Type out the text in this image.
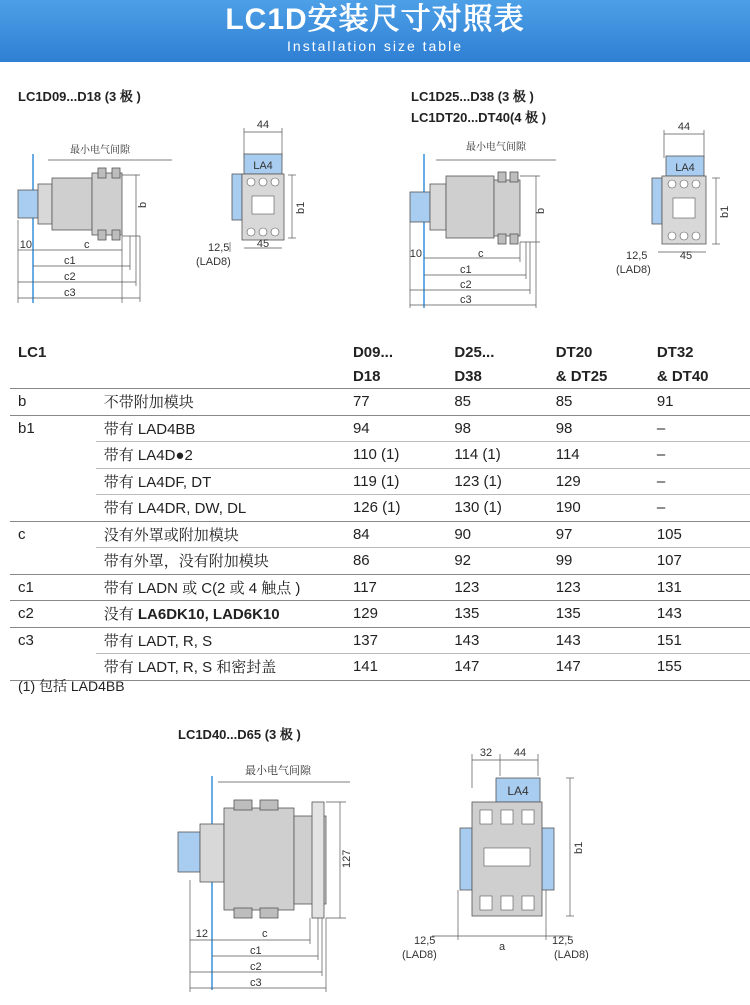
LC1D安装尺寸对照表
Installation size table
LC1D09...D18 (3 极 )	LC1D25...D38 (3 极 )
LC1DT20...DT40(4 极 )
最小电气间隙
10	c
c1
c2
c3
b
44
LA4
b1
45
12,5
(LAD8)
最小电气间隙
10	c
c1
c2
c3
b
44
LA4
b1
45
12,5
(LAD8)
LC1		D09...	D25...	DT20	DT32
		D18	D38	& DT25	& DT40
b	不带附加模块	77	85	85	91
b1	带有 LAD4BB	94	98	98	–
	带有 LA4D●2	110 (1)	114 (1)	114	–
	带有 LA4DF, DT	119 (1)	123 (1)	129	–
	带有 LA4DR, DW, DL	126 (1)	130 (1)	190	–
c	没有外罩或附加模块	84	90	97	105
	带有外罩，没有附加模块	86	92	99	107
c1	带有 LADN 或 C(2 或 4 触点 )	117	123	123	131
c2	没有 LA6DK10, LAD6K10	129	135	135	143
c3	带有 LADT, R, S	137	143	143	151
	带有 LADT, R, S 和密封盖	141	147	147	155
(1) 包括 LAD4BB
LC1D40...D65 (3 极 )
最小电气间隙
12	c
c1
c2
c3
127
32 44
LA4
b1
a
12,5
(LAD8)
12,5
(LAD8)
